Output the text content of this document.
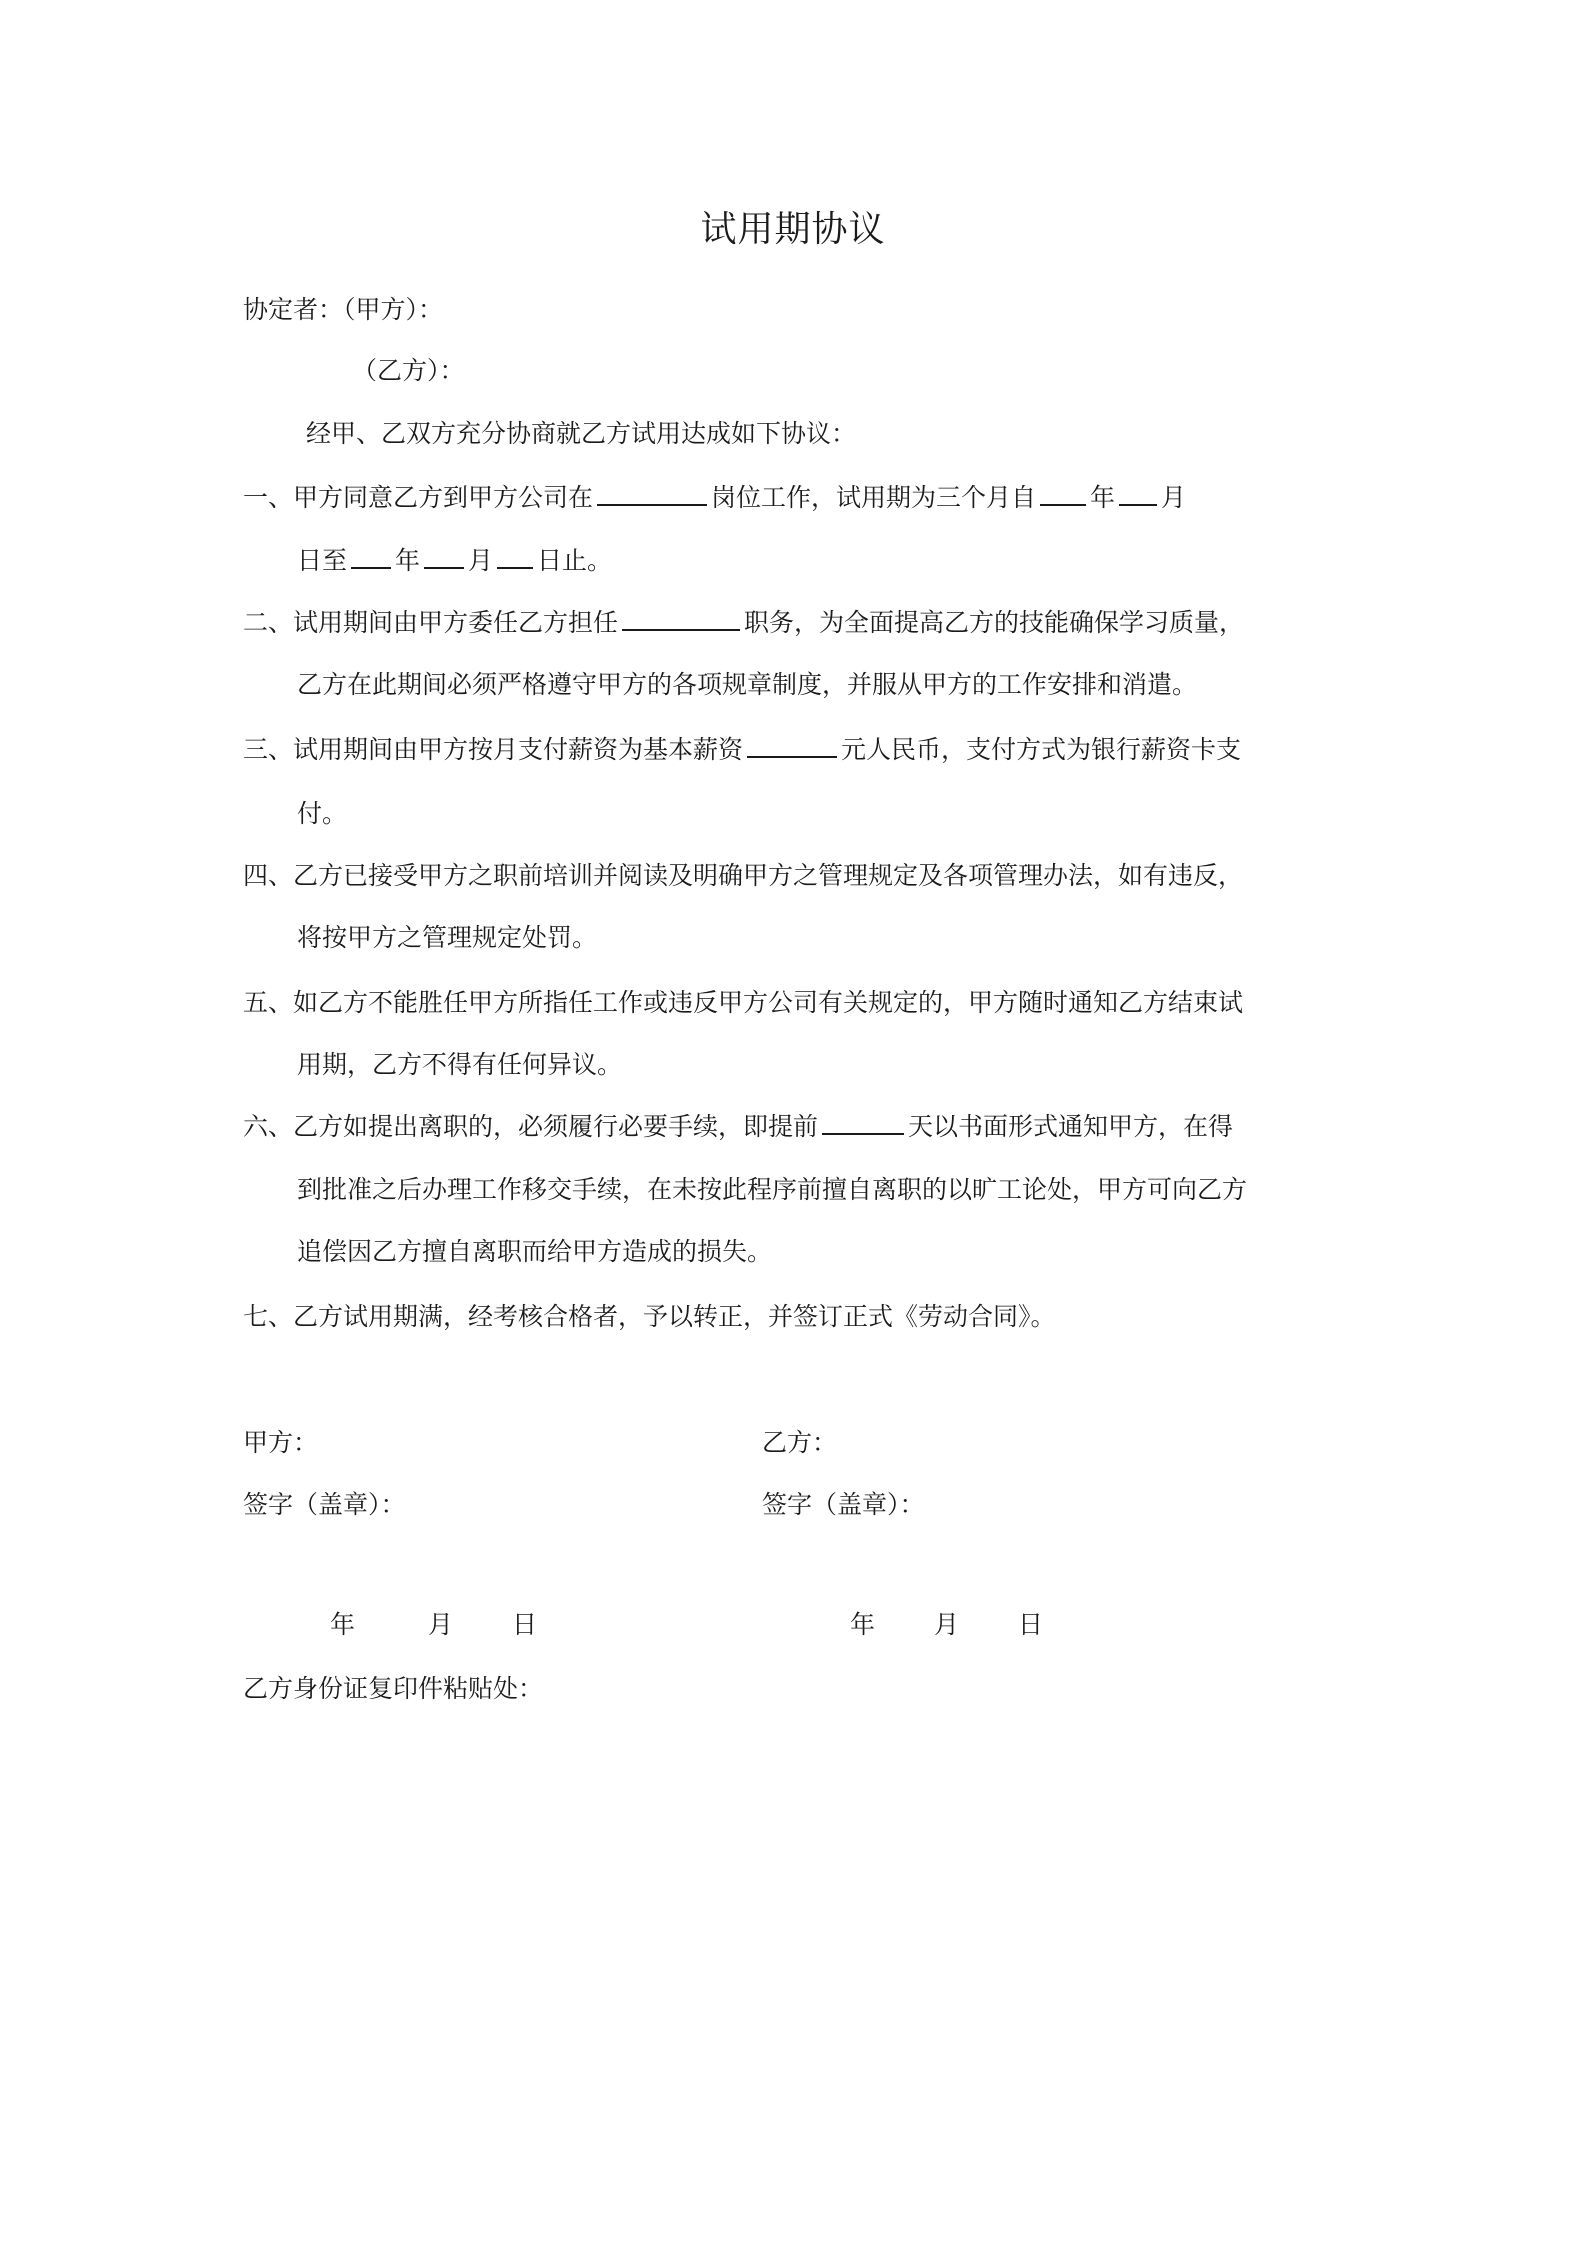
试用期协议
协定者：（甲方）：
（乙方）：
经甲、乙双方充分协商就乙方试用达成如下协议：
一、甲方同意乙方到甲方公司在	岗位工作，试用期为三个月自 年 月
日至 年 月 日止。
二、试用期间由甲方委任乙方担任	职务，为全面提高乙方的技能确保学习质量，
乙方在此期间必须严格遵守甲方的各项规章制度，并服从甲方的工作安排和消遣。
三、试用期间由甲方按月支付薪资为基本薪资	元人民币，支付方式为银行薪资卡支
付。
四、乙方已接受甲方之职前培训并阅读及明确甲方之管理规定及各项管理办法，如有违反，
将按甲方之管理规定处罚。
五、如乙方不能胜任甲方所指任工作或违反甲方公司有关规定的，甲方随时通知乙方结束试
用期，乙方不得有任何异议。
六、乙方如提出离职的，必须履行必要手续，即提前	天以书面形式通知甲方，在得
到批准之后办理工作移交手续，在未按此程序前擅自离职的以旷工论处，甲方可向乙方
追偿因乙方擅自离职而给甲方造成的损失。
七、乙方试用期满，经考核合格者，予以转正，并签订正式《劳动合同》。
甲方：	乙方：
签字（盖章）：	签字（盖章）：
年	月 日	年 月 日
乙方身份证复印件粘贴处：
